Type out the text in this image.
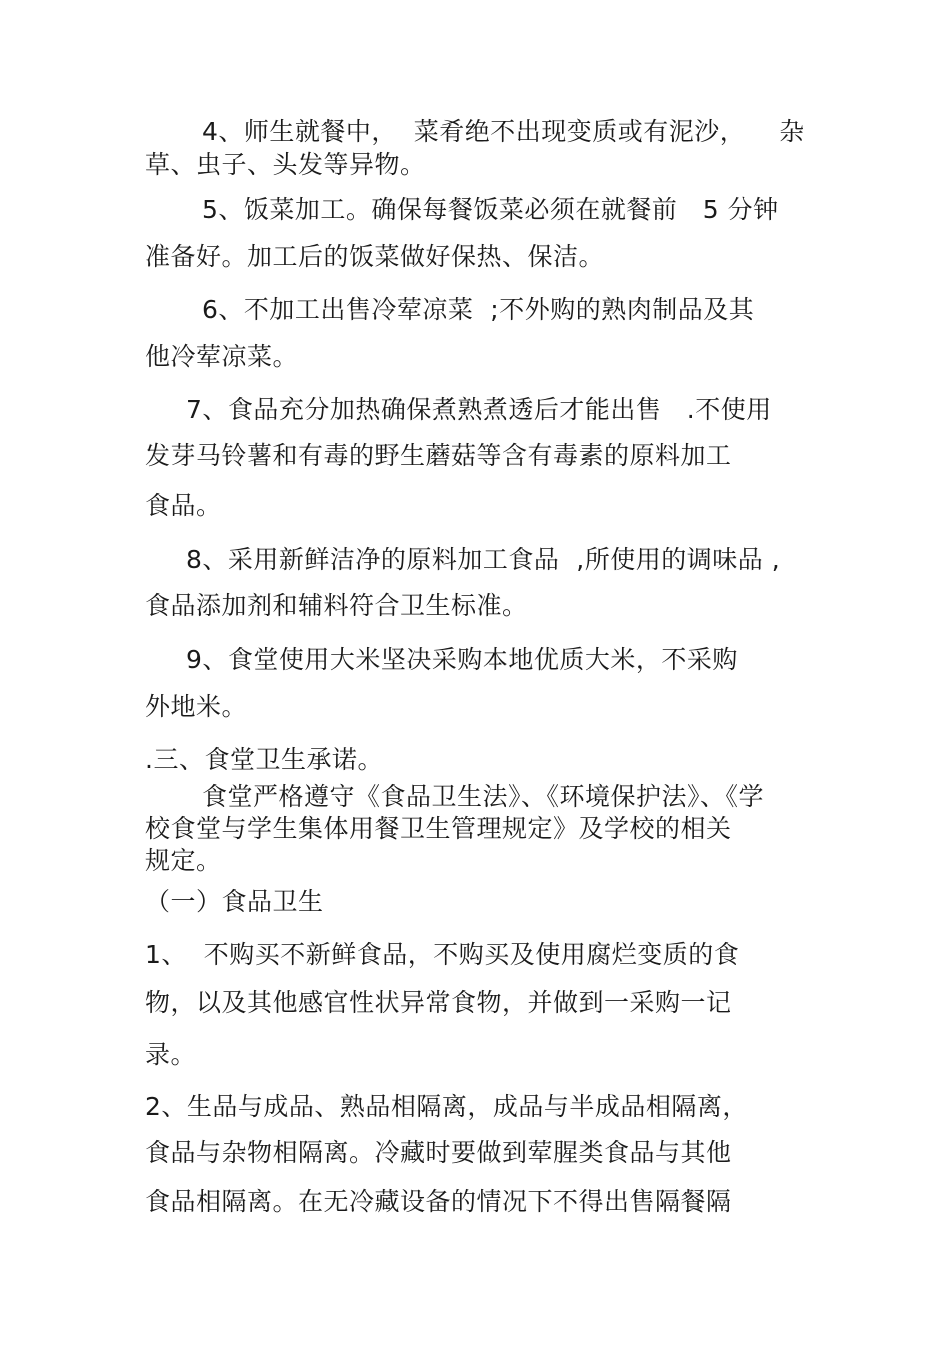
4、师生就餐中，  菜肴绝不出现变质或有泥沙，    杂
草、虫子、头发等异物。
5、饭菜加工。确保每餐饭菜必须在就餐前   5 分钟
准备好。加工后的饭菜做好保热、保洁。
6、不加工出售冷荤凉菜  ;不外购的熟肉制品及其
他冷荤凉菜。
7、食品充分加热确保煮熟煮透后才能出售   .不使用
发芽马铃薯和有毒的野生蘑菇等含有毒素的原料加工
食品。
8、采用新鲜洁净的原料加工食品  ,所使用的调味品 ,
食品添加剂和辅料符合卫生标准。
9、食堂使用大米坚决采购本地优质大米，不采购
外地米。
.三、食堂卫生承诺。
食堂严格遵守《食品卫生法》、《环境保护法》、《学
校食堂与学生集体用餐卫生管理规定》及学校的相关
规定。
（一）食品卫生
1、  不购买不新鲜食品，不购买及使用腐烂变质的食
物，以及其他感官性状异常食物，并做到一采购一记
录。
2、生品与成品、熟品相隔离，成品与半成品相隔离，
食品与杂物相隔离。冷藏时要做到荤腥类食品与其他
食品相隔离。在无冷藏设备的情况下不得出售隔餐隔
